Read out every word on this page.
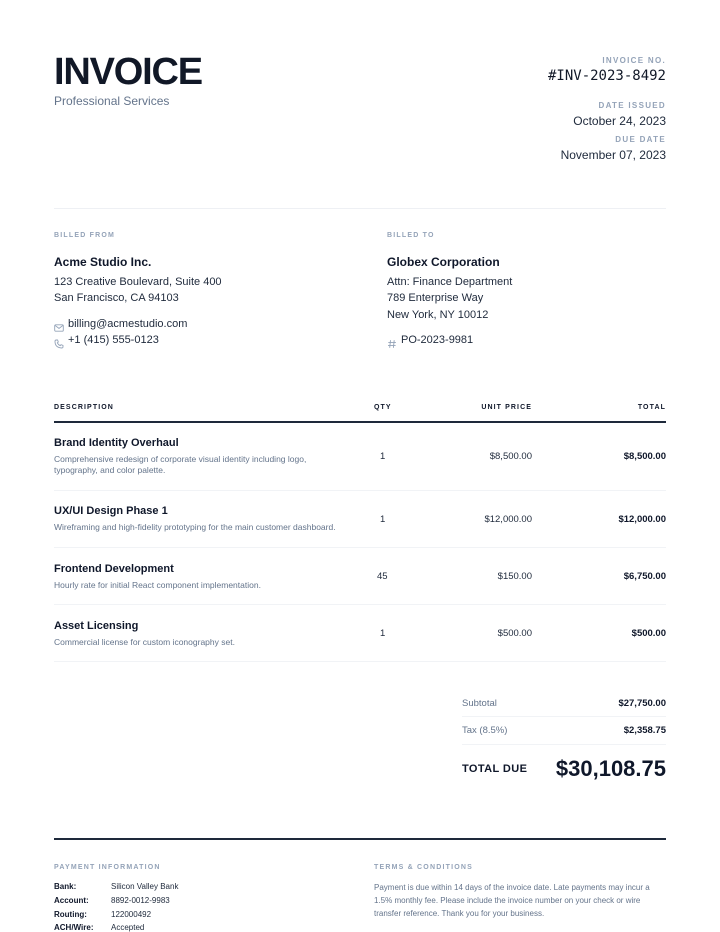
INVOICE
Professional Services
INVOICE NO.
#INV-2023-8492
DATE ISSUED
October 24, 2023
DUE DATE
November 07, 2023
BILLED FROM
Acme Studio Inc.
123 Creative Boulevard, Suite 400
San Francisco, CA 94103
billing@acmestudio.com
+1 (415) 555-0123
BILLED TO
Globex Corporation
Attn: Finance Department
789 Enterprise Way
New York, NY 10012
PO-2023-9981
DESCRIPTION	QTY	UNIT PRICE	TOTAL
Brand Identity Overhaul
Comprehensive redesign of corporate visual identity including logo, typography, and color palette.
1	$8,500.00	$8,500.00
UX/UI Design Phase 1
Wireframing and high-fidelity prototyping for the main customer dashboard.
1	$12,000.00	$12,000.00
Frontend Development
Hourly rate for initial React component implementation.
45	$150.00	$6,750.00
Asset Licensing
Commercial license for custom iconography set.
1	$500.00	$500.00
Subtotal	$27,750.00
Tax (8.5%)	$2,358.75
TOTAL DUE $30,108.75
PAYMENT INFORMATION
Bank:	Silicon Valley Bank
Account:	8892-0012-9983
Routing:	122000492
ACH/Wire: Accepted
TERMS & CONDITIONS
Payment is due within 14 days of the invoice date. Late payments may incur a 1.5% monthly fee. Please include the invoice number on your check or wire transfer reference. Thank you for your business.
